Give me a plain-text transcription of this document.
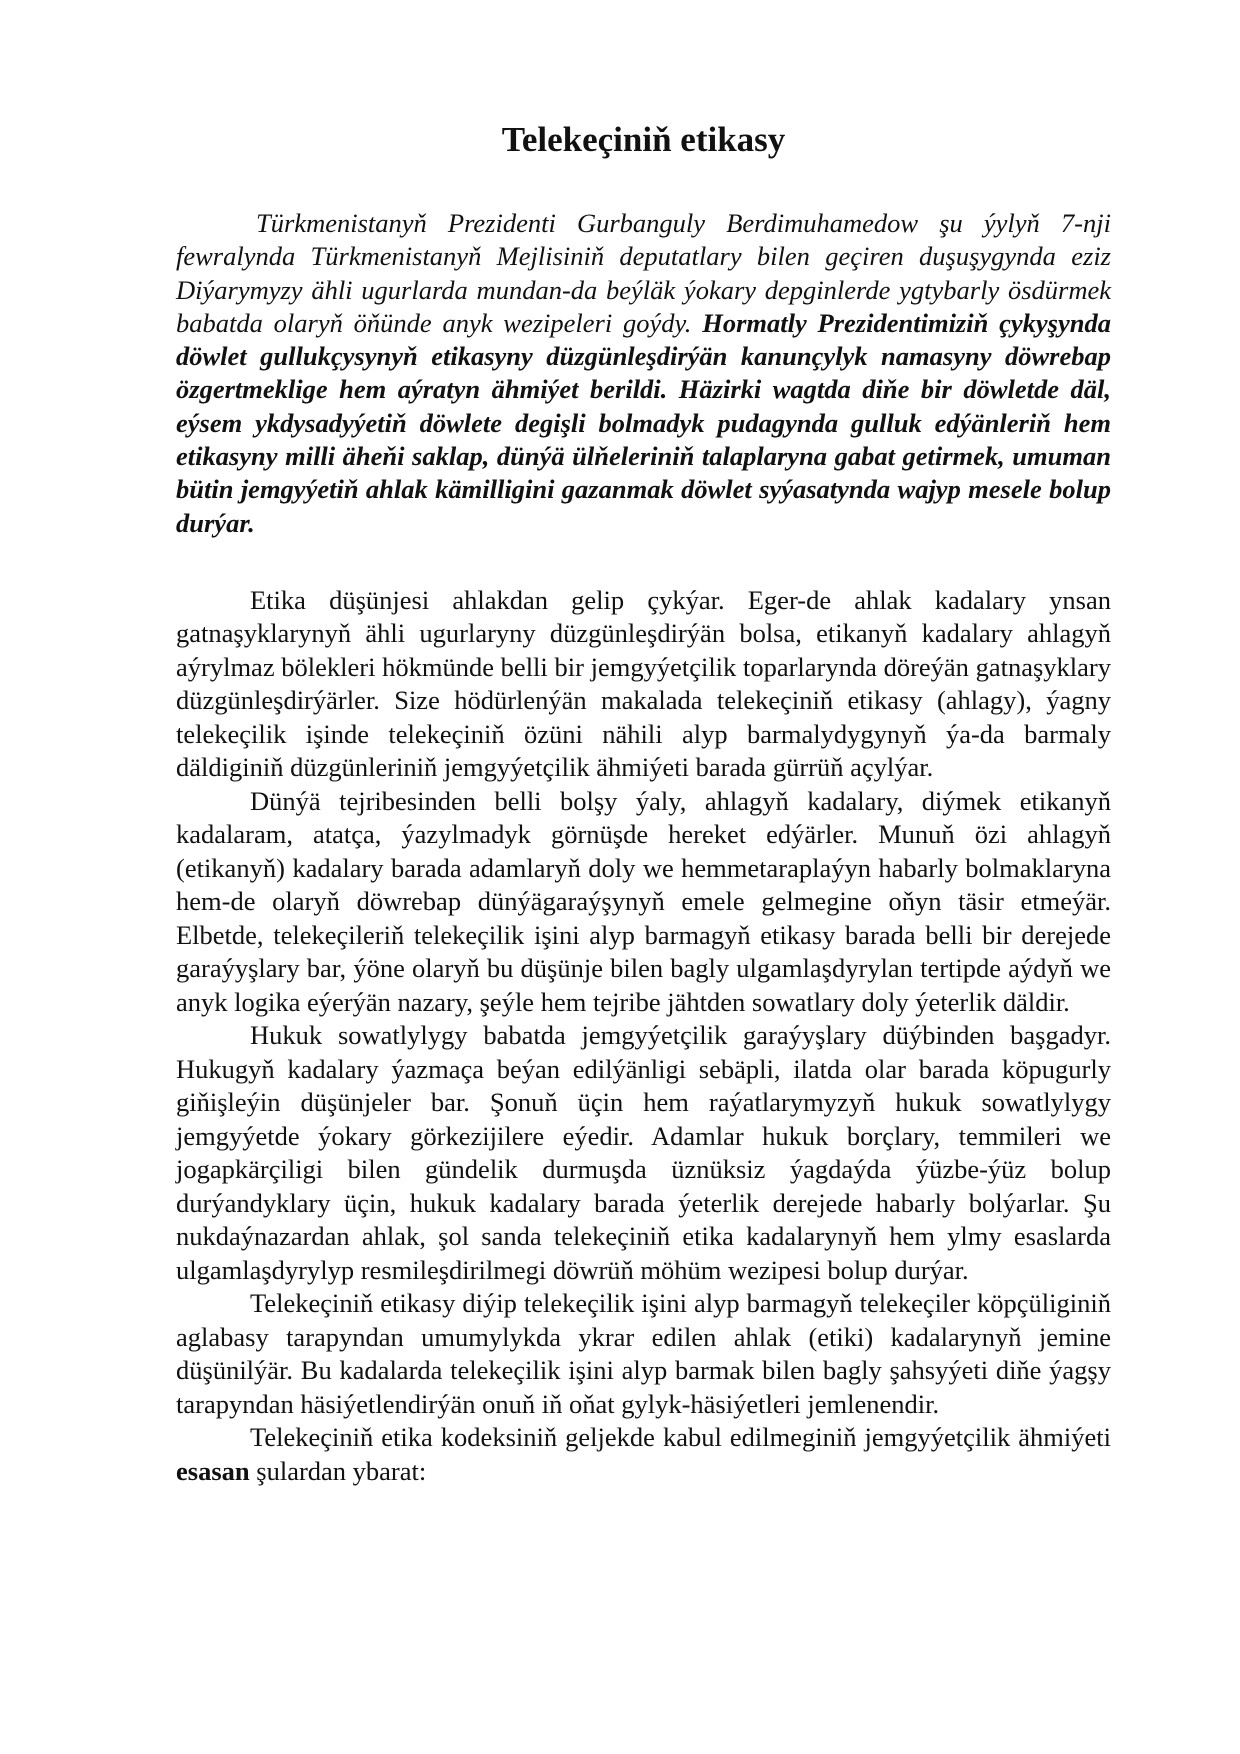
Telekeçiniň etikasy

Türkmenistanyň Prezidenti Gurbanguly Berdimuhamedow şu ýylyň 7-nji fewralynda Türkmenistanyň Mejlisiniň deputatlary bilen geçiren duşuşygynda eziz Diýarymyzy ähli ugurlarda mundan-da beýläk ýokary depginlerde ygtybarly ösdürmek babatda olaryň öňünde anyk wezipeleri goýdy. Hormatly Prezidentimiziň çykyşynda döwlet gullukçysynyň etikasyny düzgünleşdirýän kanunçylyk namasyny döwrebap özgertmeklige hem aýratyn ähmiýet berildi. Häzirki wagtda diňe bir döwletde däl, eýsem ykdysadyýetiň döwlete degişli bolmadyk pudagynda gulluk edýänleriň hem etikasyny milli äheňi saklap, dünýä ülňeleriniň talaplaryna gabat getirmek, umuman bütin jemgyýetiň ahlak kämilligini gazanmak döwlet syýasatynda wajyp mesele bolup durýar.

Etika düşünjesi ahlakdan gelip çykýar. Eger-de ahlak kadalary ynsan gatnaşyklarynyň ähli ugurlaryny düzgünleşdirýän bolsa, etikanyň kadalary ahlagyň aýrylmaz bölekleri hökmünde belli bir jemgyýetçilik toparlarynda döreýän gatnaşyklary düzgünleşdirýärler. Size hödürlenýän makalada telekeçiniň etikasy (ahlagy), ýagny telekeçilik işinde telekeçiniň özüni nähili alyp barmalydygynyň ýa-da barmaly däldiginiň düzgünleriniň jemgyýetçilik ähmiýeti barada gürrüň açylýar.

Dünýä tejribesinden belli bolşy ýaly, ahlagyň kadalary, diýmek etikanyň kadalaram, atatça, ýazylmadyk görnüşde hereket edýärler. Munuň özi ahlagyň (etikanyň) kadalary barada adamlaryň doly we hemmetaraplaýyn habarly bolmaklaryna hem-de olaryň döwrebap dünýägaraýşynyň emele gelmegine oňyn täsir etmeýär. Elbetde, telekeçileriň telekeçilik işini alyp barmagyň etikasy barada belli bir derejede garaýyşlary bar, ýöne olaryň bu düşünje bilen bagly ulgamlaşdyrylan tertipde aýdyň we anyk logika eýerýän nazary, şeýle hem tejribe jähtden sowatlary doly ýeterlik däldir.

Hukuk sowatlylygy babatda jemgyýetçilik garaýyşlary düýbinden başgadyr. Hukugyň kadalary ýazmaça beýan edilýänligi sebäpli, ilatda olar barada köpugurly giňişleýin düşünjeler bar. Şonuň üçin hem raýatlarymyzyň hukuk sowatlylygy jemgyýetde ýokary görkezijilere eýedir. Adamlar hukuk borçlary, temmileri we jogapkärçiligi bilen gündelik durmuşda üznüksiz ýagdaýda ýüzbe-ýüz bolup durýandyklary üçin, hukuk kadalary barada ýeterlik derejede habarly bolýarlar. Şu nukdaýnazardan ahlak, şol sanda telekeçiniň etika kadalarynyň hem ylmy esaslarda ulgamlaşdyrylyp resmileşdirilmegi döwrüň möhüm wezipesi bolup durýar.

Telekeçiniň etikasy diýip telekeçilik işini alyp barmagyň telekeçiler köpçüliginiň aglabasy tarapyndan umumylykda ykrar edilen ahlak (etiki) kadalarynyň jemine düşünilýär. Bu kadalarda telekeçilik işini alyp barmak bilen bagly şahsyýeti diňe ýagşy tarapyndan häsiýetlendirýän onuň iň oňat gylyk-häsiýetleri jemlenendir.

Telekeçiniň etika kodeksiniň geljekde kabul edilmeginiň jemgyýetçilik ähmiýeti esasan şulardan ybarat:
